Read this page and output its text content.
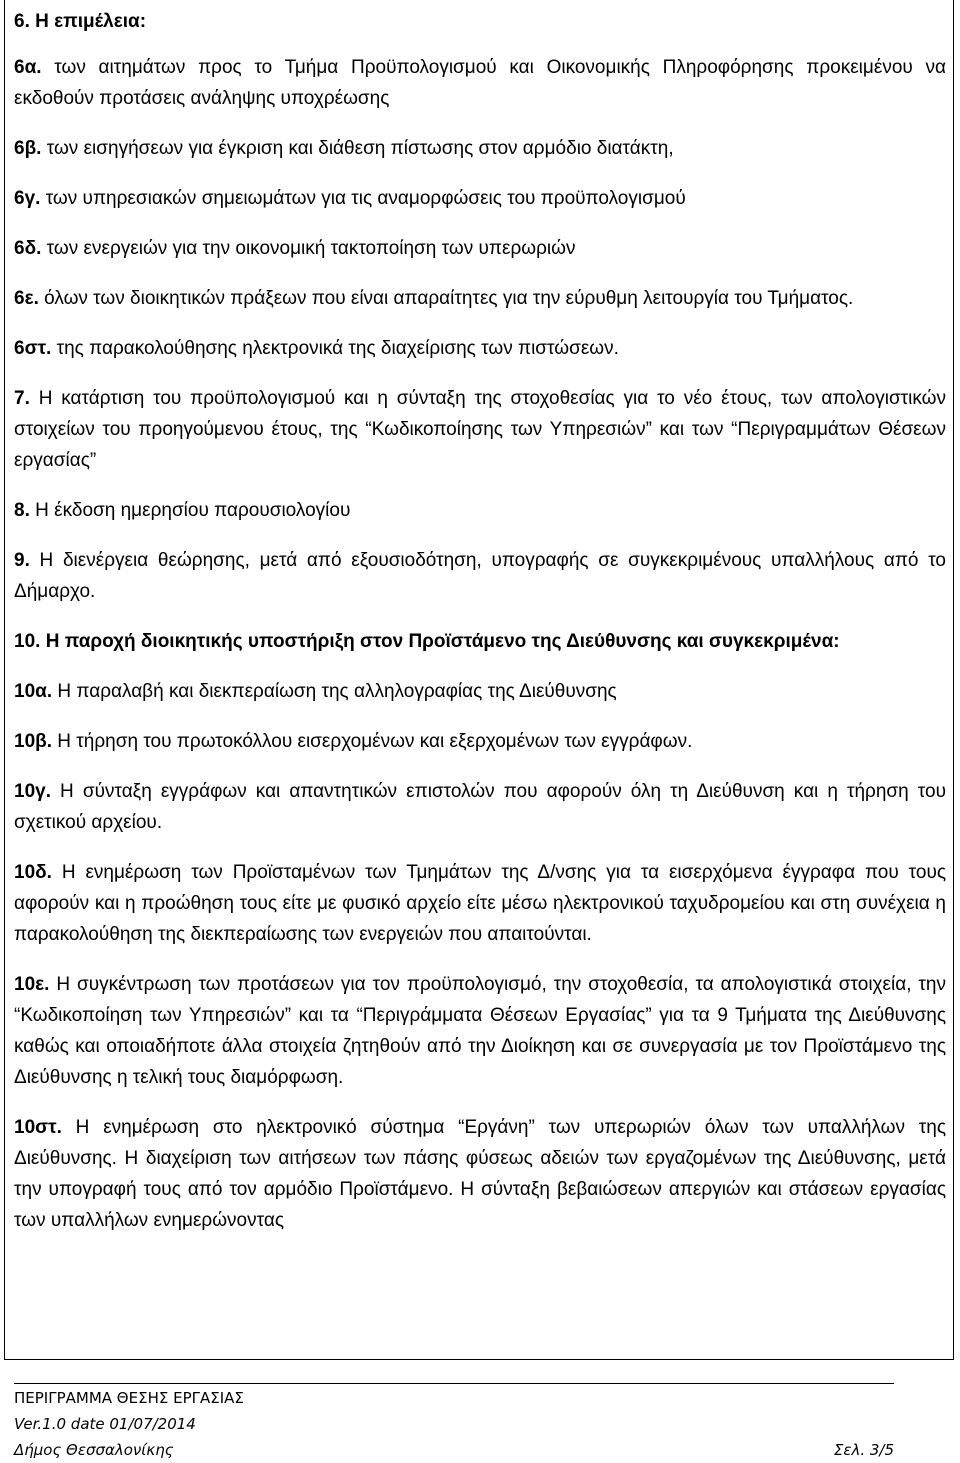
6. Η επιμέλεια:

6α. των αιτημάτων προς το Τμήμα Προϋπολογισμού και Οικονομικής Πληροφόρησης προκειμένου να εκδοθούν προτάσεις ανάληψης υποχρέωσης

6β. των εισηγήσεων για έγκριση και διάθεση πίστωσης στον αρμόδιο διατάκτη,

6γ. των υπηρεσιακών σημειωμάτων για τις αναμορφώσεις του προϋπολογισμού

6δ. των ενεργειών για την οικονομική τακτοποίηση των υπερωριών

6ε. όλων των διοικητικών πράξεων που είναι απαραίτητες για την εύρυθμη λειτουργία του Τμήματος.

6στ. της παρακολούθησης ηλεκτρονικά της διαχείρισης των πιστώσεων.

7. Η κατάρτιση του προϋπολογισμού και η σύνταξη της στοχοθεσίας για το νέο έτους, των απολογιστικών στοιχείων του προηγούμενου έτους, της “Κωδικοποίησης των Υπηρεσιών” και των “Περιγραμμάτων Θέσεων εργασίας”

8. Η έκδοση ημερησίου παρουσιολογίου

9. Η διενέργεια θεώρησης, μετά από εξουσιοδότηση, υπογραφής σε συγκεκριμένους υπαλλήλους από το Δήμαρχο.

10. Η παροχή διοικητικής υποστήριξη στον Προϊστάμενο της Διεύθυνσης και συγκεκριμένα:

10α. Η παραλαβή και διεκπεραίωση της αλληλογραφίας της Διεύθυνσης

10β. Η τήρηση του πρωτοκόλλου εισερχομένων και εξερχομένων των εγγράφων.

10γ. Η σύνταξη εγγράφων και απαντητικών επιστολών που αφορούν όλη τη Διεύθυνση και η τήρηση του σχετικού αρχείου.

10δ. Η ενημέρωση των Προϊσταμένων των Τμημάτων της Δ/νσης για τα εισερχόμενα έγγραφα που τους αφορούν και η προώθηση τους είτε με φυσικό αρχείο είτε μέσω ηλεκτρονικού ταχυδρομείου και στη συνέχεια η παρακολούθηση της διεκπεραίωσης των ενεργειών που απαιτούνται.

10ε. Η συγκέντρωση των προτάσεων για τον προϋπολογισμό, την στοχοθεσία, τα απολογιστικά στοιχεία, την “Κωδικοποίηση των Υπηρεσιών” και τα “Περιγράμματα Θέσεων Εργασίας” για τα 9 Τμήματα της Διεύθυνσης καθώς και οποιαδήποτε άλλα στοιχεία ζητηθούν από την Διοίκηση και σε συνεργασία με τον Προϊστάμενο της Διεύθυνσης η τελική τους διαμόρφωση.

10στ. Η ενημέρωση στο ηλεκτρονικό σύστημα “Εργάνη” των υπερωριών όλων των υπαλλήλων της Διεύθυνσης. Η διαχείριση των αιτήσεων των πάσης φύσεως αδειών των εργαζομένων της Διεύθυνσης, μετά την υπογραφή τους από τον αρμόδιο Προϊστάμενο. Η σύνταξη βεβαιώσεων απεργιών και στάσεων εργασίας των υπαλλήλων ενημερώνοντας

ΠΕΡΙΓΡΑΜΜΑ ΘΕΣΗΣ ΕΡΓΑΣΙΑΣ
Ver.1.0 date 01/07/2014
Δήμος Θεσσαλονίκης	Σελ. 3/5
